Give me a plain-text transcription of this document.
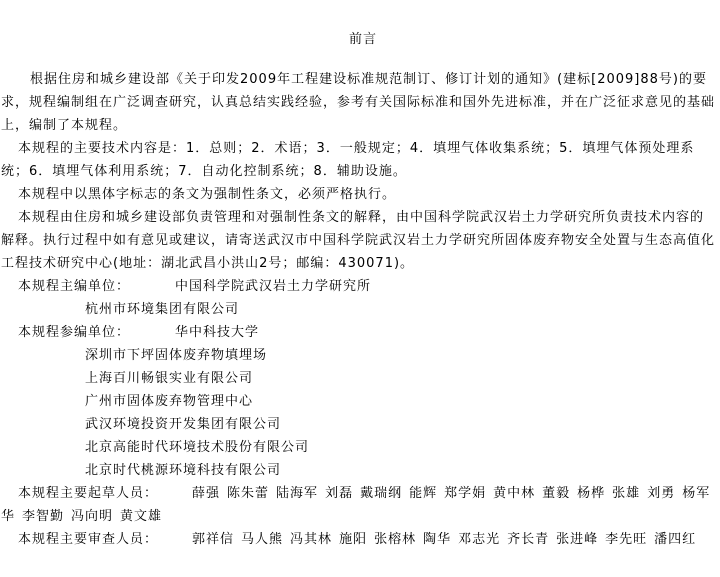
前言

根据住房和城乡建设部《关于印发2009年工程建设标准规范制订、修订计划的通知》(建标[2009]88号)的要求，规程编制组在广泛调查研究，认真总结实践经验，参考有关国际标准和国外先进标准，并在广泛征求意见的基础上，编制了本规程。

本规程的主要技术内容是：1．总则；2．术语；3．一般规定；4．填埋气体收集系统；5．填埋气体预处理系统；6．填埋气体利用系统；7．自动化控制系统；8．辅助设施。

本规程中以黑体字标志的条文为强制性条文，必须严格执行。

本规程由住房和城乡建设部负责管理和对强制性条文的解释，由中国科学院武汉岩土力学研究所负责技术内容的解释。执行过程中如有意见或建议，请寄送武汉市中国科学院武汉岩土力学研究所固体废弃物安全处置与生态高值化工程技术研究中心(地址：湖北武昌小洪山2号；邮编：430071)。

本规程主编单位：	中国科学院武汉岩土力学研究所
杭州市环境集团有限公司
本规程参编单位：	华中科技大学
深圳市下坪固体废弃物填埋场
上海百川畅银实业有限公司
广州市固体废弃物管理中心
武汉环境投资开发集团有限公司
北京高能时代环境技术股份有限公司
北京时代桃源环境科技有限公司
本规程主要起草人员：	薛强 陈朱蕾 陆海军 刘磊 戴瑞纲 能辉 郑学娟 黄中林 董毅 杨桦 张雄 刘勇 杨军华 李智勤 冯向明 黄文雄
本规程主要审查人员：	郭祥信 马人熊 冯其林 施阳 张榕林 陶华 邓志光 齐长青 张进峰 李先旺 潘四红
